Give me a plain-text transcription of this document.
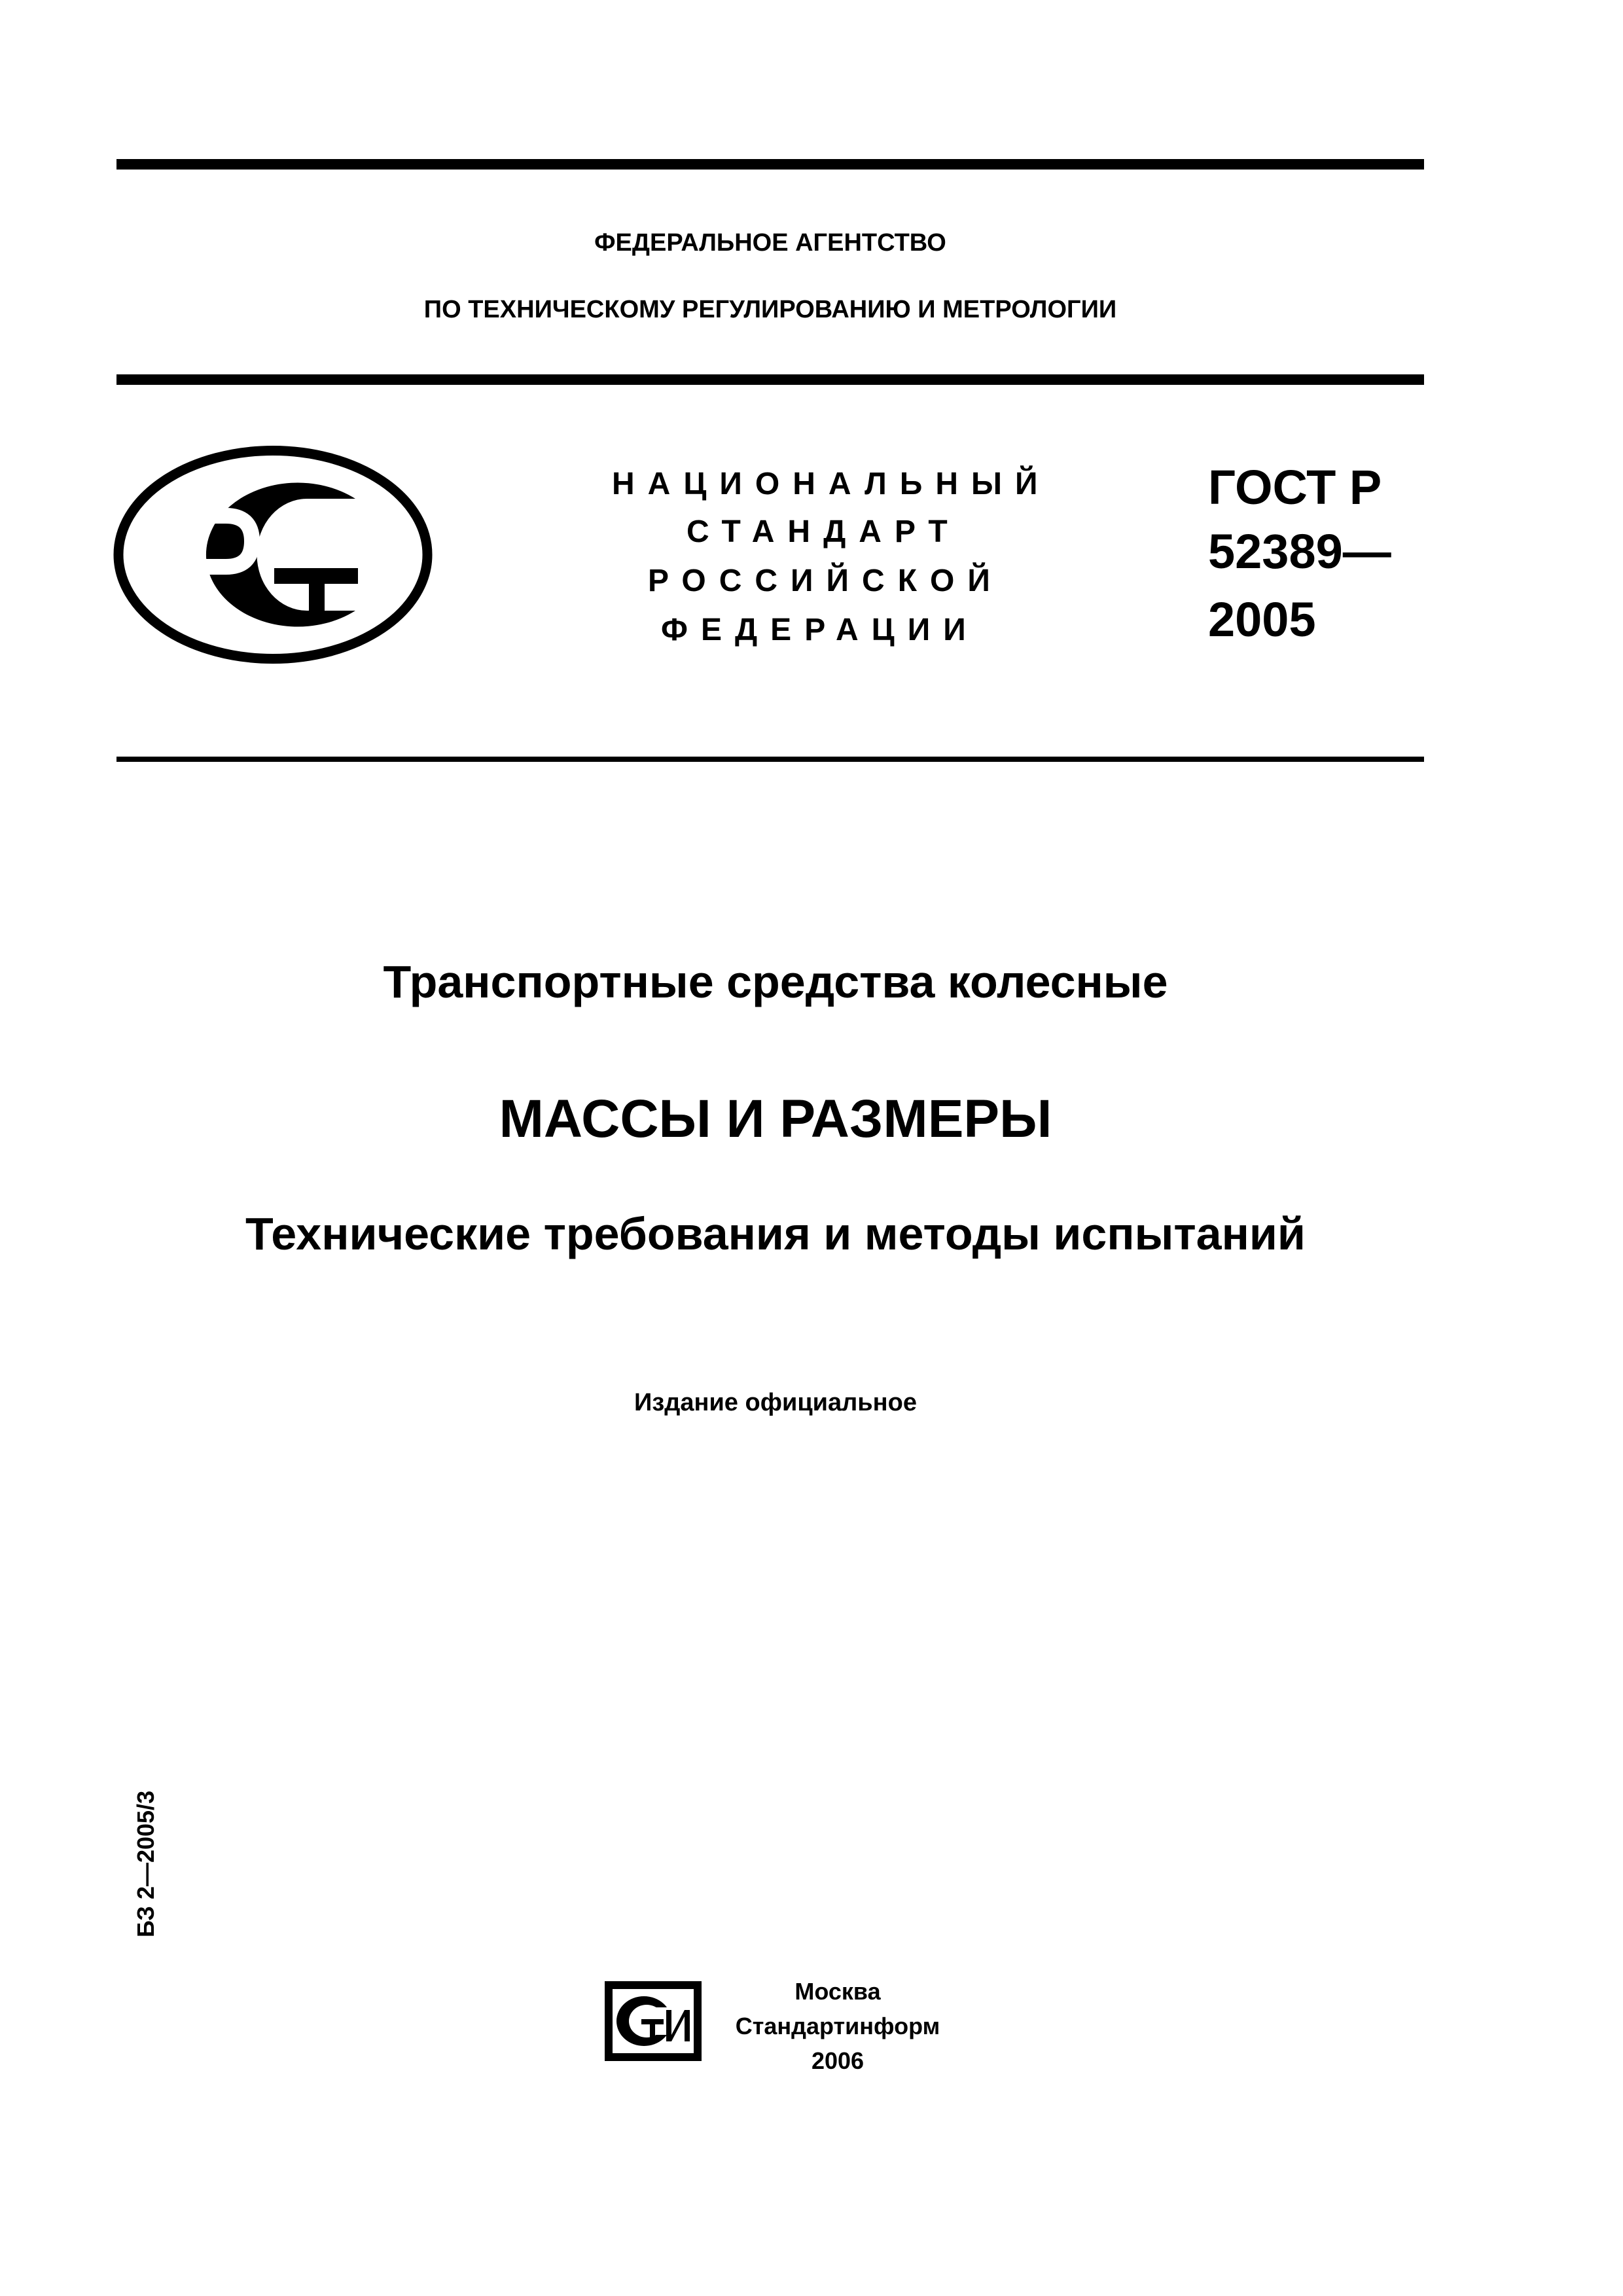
ФЕДЕРАЛЬНОЕ АГЕНТСТВО
ПО ТЕХНИЧЕСКОМУ РЕГУЛИРОВАНИЮ И МЕТРОЛОГИИ
НАЦИОНАЛЬНЫЙ
СТАНДАРТ
РОССИЙСКОЙ
ФЕДЕРАЦИИ
ГОСТ Р
52389—
2005
Транспортные средства колесные
МАССЫ И РАЗМЕРЫ
Технические требования и методы испытаний
Издание официальное
БЗ 2—2005/3
Москва
Стандартинформ
2006
